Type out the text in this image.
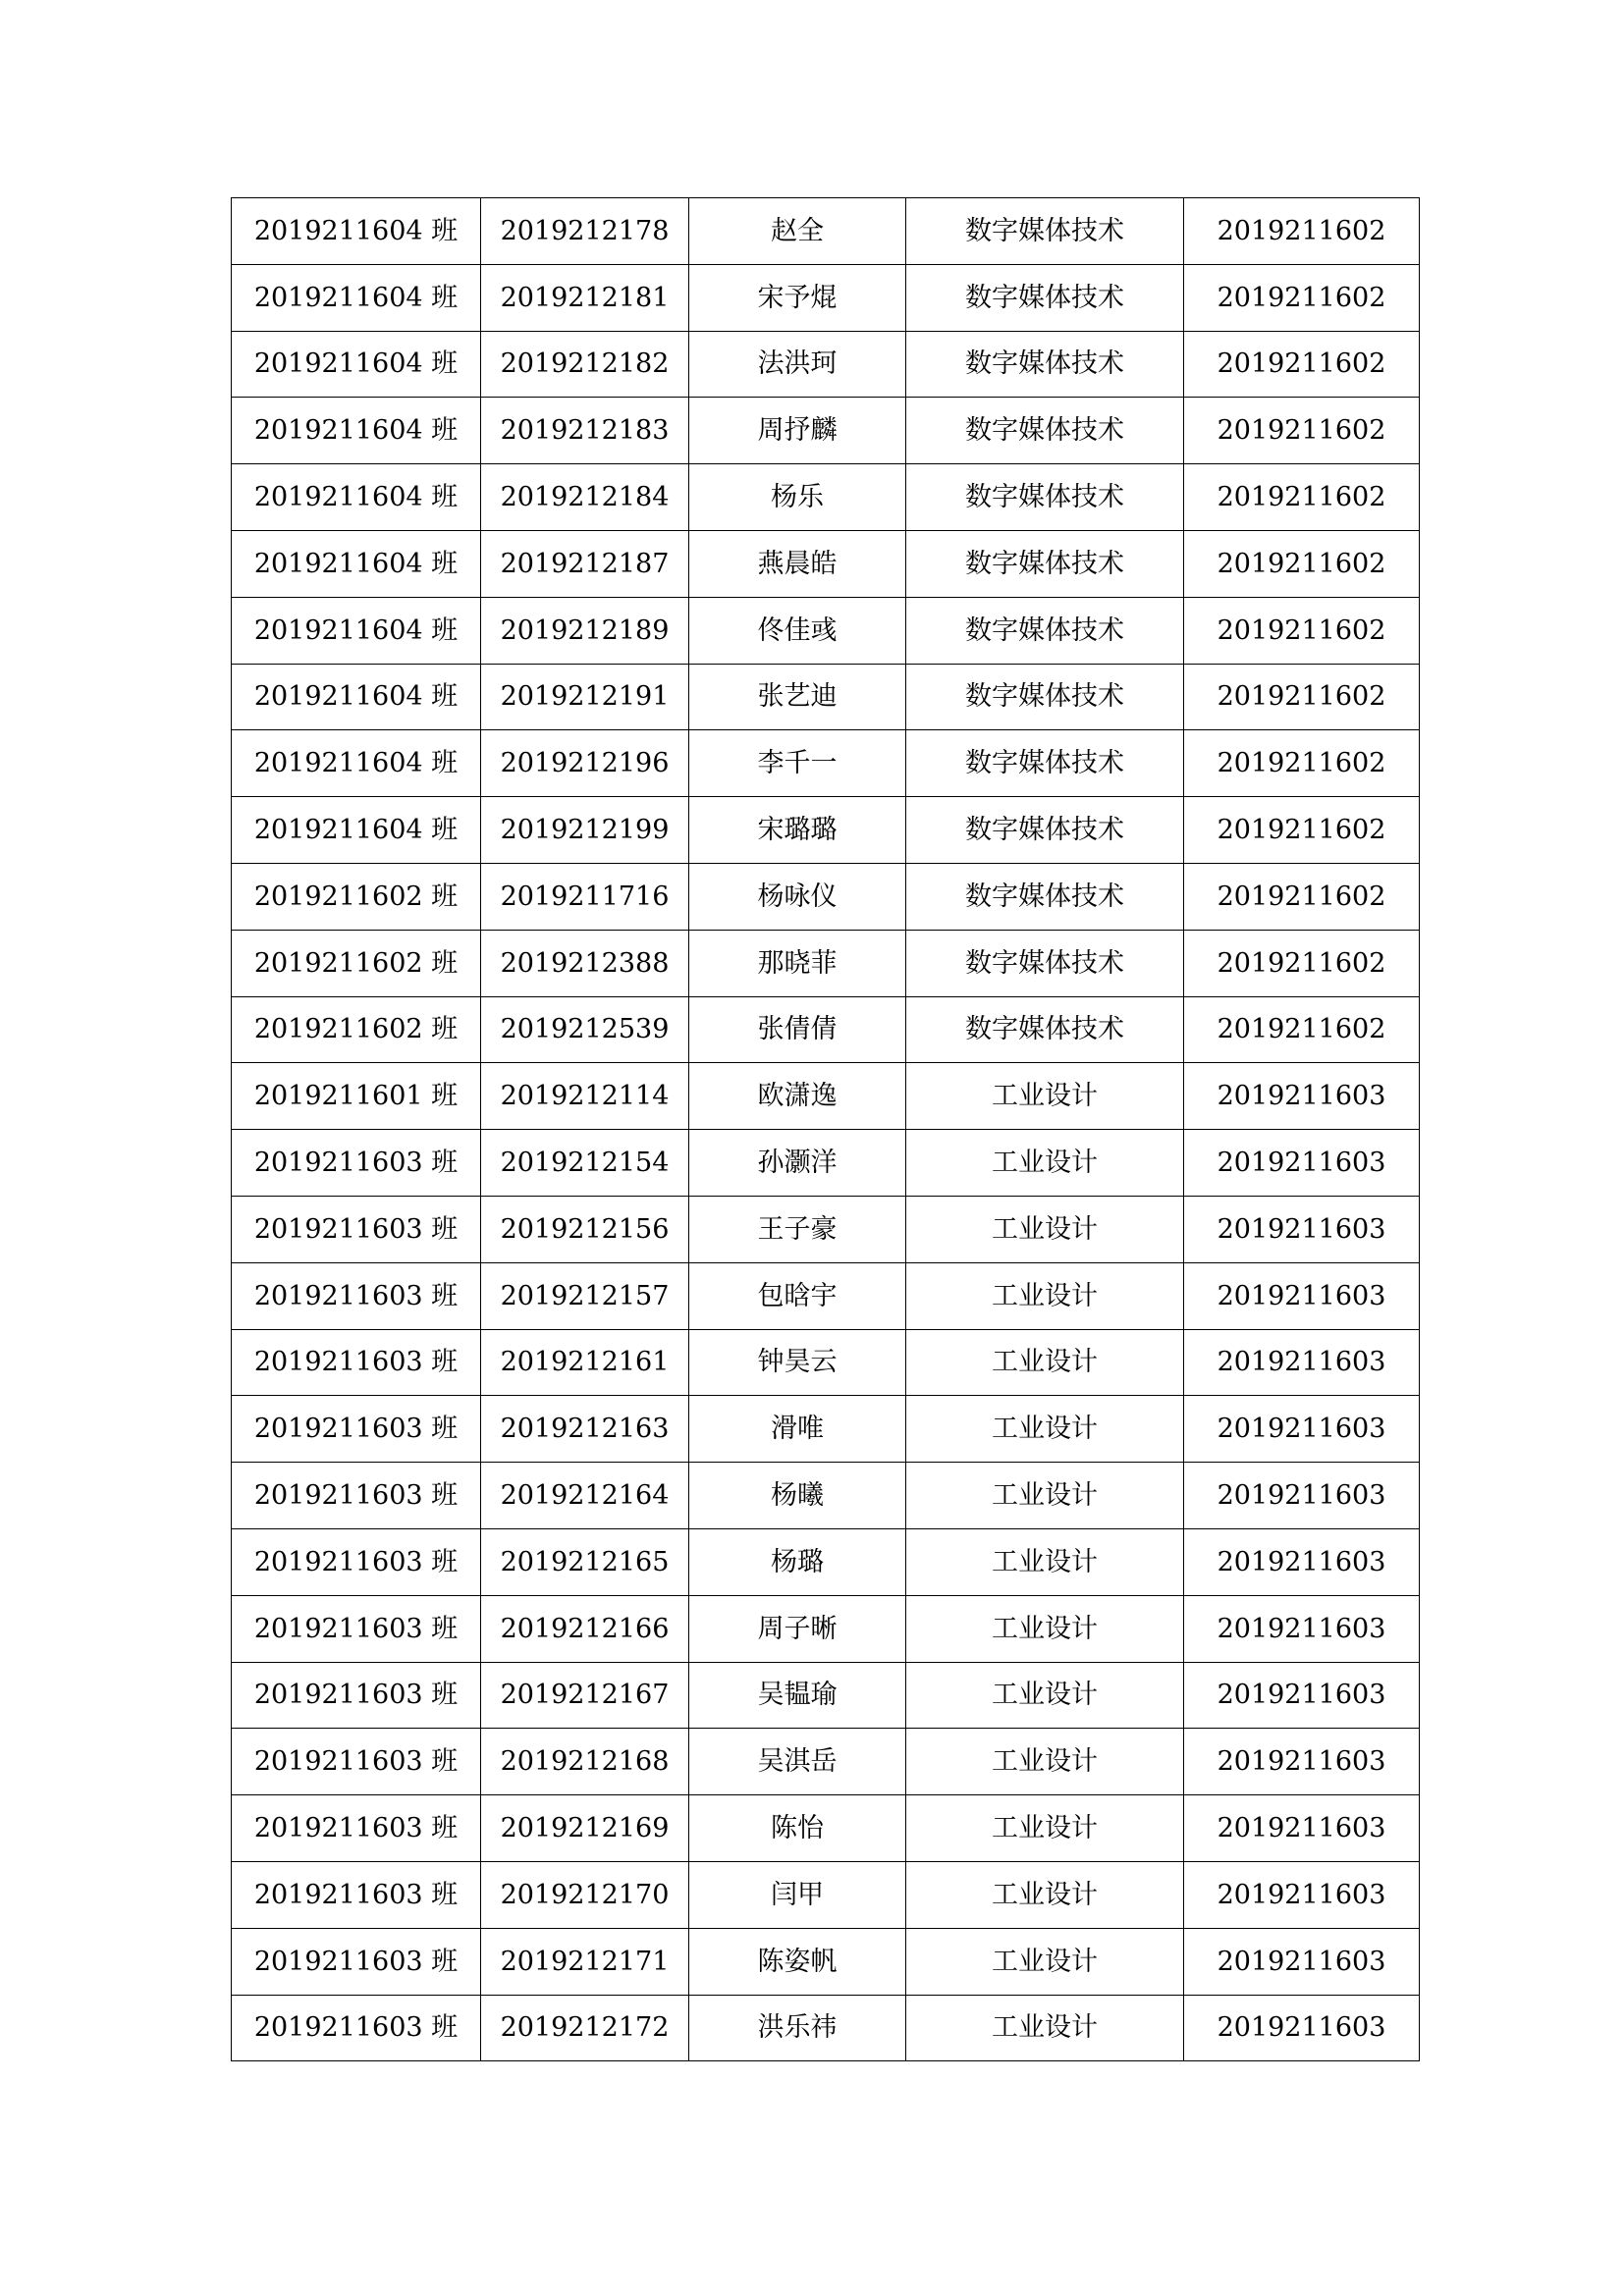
2019211604 班	2019212178	赵全	数字媒体技术	2019211602
2019211604 班	2019212181	宋予焜	数字媒体技术	2019211602
2019211604 班	2019212182	法洪珂	数字媒体技术	2019211602
2019211604 班	2019212183	周抒麟	数字媒体技术	2019211602
2019211604 班	2019212184	杨乐	数字媒体技术	2019211602
2019211604 班	2019212187	燕晨皓	数字媒体技术	2019211602
2019211604 班	2019212189	佟佳彧	数字媒体技术	2019211602
2019211604 班	2019212191	张艺迪	数字媒体技术	2019211602
2019211604 班	2019212196	李千一	数字媒体技术	2019211602
2019211604 班	2019212199	宋璐璐	数字媒体技术	2019211602
2019211602 班	2019211716	杨咏仪	数字媒体技术	2019211602
2019211602 班	2019212388	那晓菲	数字媒体技术	2019211602
2019211602 班	2019212539	张倩倩	数字媒体技术	2019211602
2019211601 班	2019212114	欧潇逸	工业设计	2019211603
2019211603 班	2019212154	孙灏洋	工业设计	2019211603
2019211603 班	2019212156	王子豪	工业设计	2019211603
2019211603 班	2019212157	包晗宇	工业设计	2019211603
2019211603 班	2019212161	钟昊云	工业设计	2019211603
2019211603 班	2019212163	滑唯	工业设计	2019211603
2019211603 班	2019212164	杨曦	工业设计	2019211603
2019211603 班	2019212165	杨璐	工业设计	2019211603
2019211603 班	2019212166	周子晰	工业设计	2019211603
2019211603 班	2019212167	吴韫瑜	工业设计	2019211603
2019211603 班	2019212168	吴淇岳	工业设计	2019211603
2019211603 班	2019212169	陈怡	工业设计	2019211603
2019211603 班	2019212170	闫甲	工业设计	2019211603
2019211603 班	2019212171	陈姿帆	工业设计	2019211603
2019211603 班	2019212172	洪乐祎	工业设计	2019211603
